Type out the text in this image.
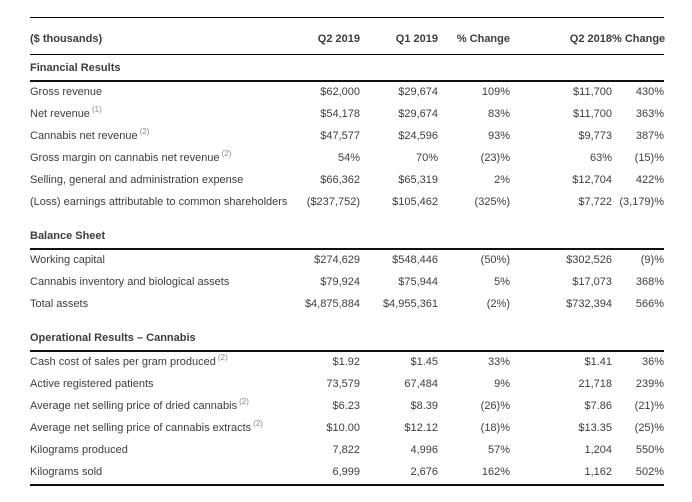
($ thousands)	Q2 2019	Q1 2019	% Change	Q2 2018 % Change
Financial Results
Gross revenue	$62,000	$29,674	109%	$11,700	430%
Net revenue $^{(1)}$	$54,178	$29,674	83%	$11,700	363%
Cannabis net revenue $^{(2)}$	$47,577	$24,596	93%	$9,773	387%
Gross margin on cannabis net revenue $^{(2)}$	54%	70%	(23)%	63%	(15)%
Selling, general and administration expense	$66,362	$65,319	2%	$12,704	422%
(Loss) earnings attributable to common shareholders	($237,752)	$105,462	(325%)	$7,722 (3,179)%
Balance Sheet
Working capital	$274,629	$548,446	(50%)	$302,526	(9)%
Cannabis inventory and biological assets	$79,924	$75,944	5%	$17,073	368%
Total assets	$4,875,884	$4,955,361	(2%)	$732,394	566%
Operational Results – Cannabis
Cash cost of sales per gram produced $^{(2)}$	$1.92	$1.45	33%	$1.41	36%
Active registered patients	73,579	67,484	9%	21,718	239%
Average net selling price of dried cannabis $^{(2)}$	$6.23	$8.39	(26)%	$7.86	(21)%
Average net selling price of cannabis extracts $^{(2)}$	$10.00	$12.12	(18)%	$13.35	(25)%
Kilograms produced	7,822	4,996	57%	1,204	550%
Kilograms sold	6,999	2,676	162%	1,162	502%
